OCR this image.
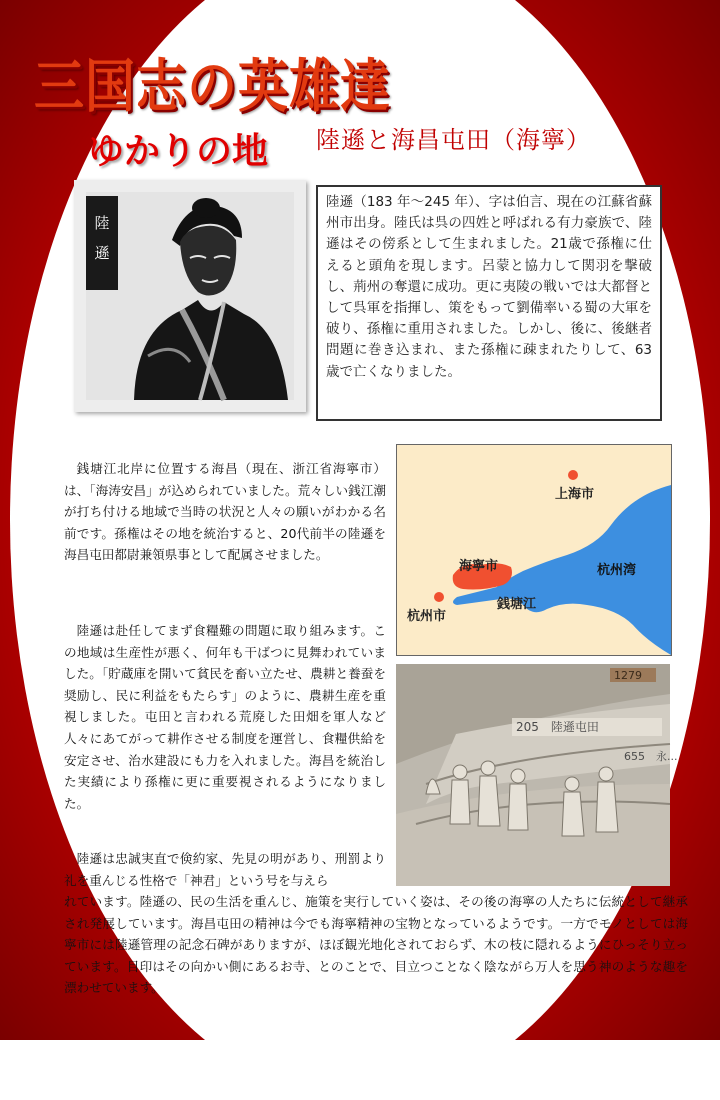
三国志の英雄達
ゆかりの地 陸遜と海昌屯田（海寧）
陸
遜
陸遜（183 年～245 年）、字は伯言、現在の江蘇省蘇州市出身。陸氏は呉の四姓と呼ばれる有力豪族で、陸遜はその傍系として生まれました。21歳で孫権に仕えると頭角を現します。呂蒙と協力して関羽を撃破し、荊州の奪還に成功。更に夷陵の戦いでは大都督として呉軍を指揮し、策をもって劉備率いる蜀の大軍を破り、孫権に重用されました。しかし、後に、後継者問題に巻き込まれ、また孫権に疎まれたりして、63 歳で亡くなりました。

銭塘江北岸に位置する海昌（現在、浙江省海寧市）は、「海涛安昌」が込められていました。荒々しい銭江潮が打ち付ける地域で当時の状況と人々の願いがわかる名前です。孫権はその地を統治すると、20代前半の陸遜を海昌屯田都尉兼領県事として配属させました。

陸遜は赴任してまず食糧難の問題に取り組みます。この地域は生産性が悪く、何年も干ばつに見舞われていました。「貯蔵庫を開いて貧民を畜い立たせ、農耕と養蚕を奨励し、民に利益をもたらす」のように、農耕生産を重視しました。屯田と言われる荒廃した田畑を軍人など人々にあてがって耕作させる制度を運営し、食糧供給を安定させ、治水建設にも力を入れました。海昌を統治した実績により孫権に更に重要視されるようになりました。

陸遜は忠誠実直で倹約家、先見の明があり、刑罰より礼を重んじる性格で「神君」という号を与えら

れています。陸遜の、民の生活を重んじ、施策を実行していく姿は、その後の海寧の人たちに伝統として継承され発展しています。海昌屯田の精神は今でも海寧精神の宝物となっているようです。一方でモノとしては海寧市には陸遜管理の記念石碑がありますが、ほぼ観光地化されておらず、木の枝に隠れるようにひっそり立っています。目印はその向かい側にあるお寺、とのことで、目立つことなく陰ながら万人を思う神のような趣を漂わせています。

上海市
海寧市	杭州湾
銭塘江
杭州市
1279
205　陸遜屯田
655　永...
